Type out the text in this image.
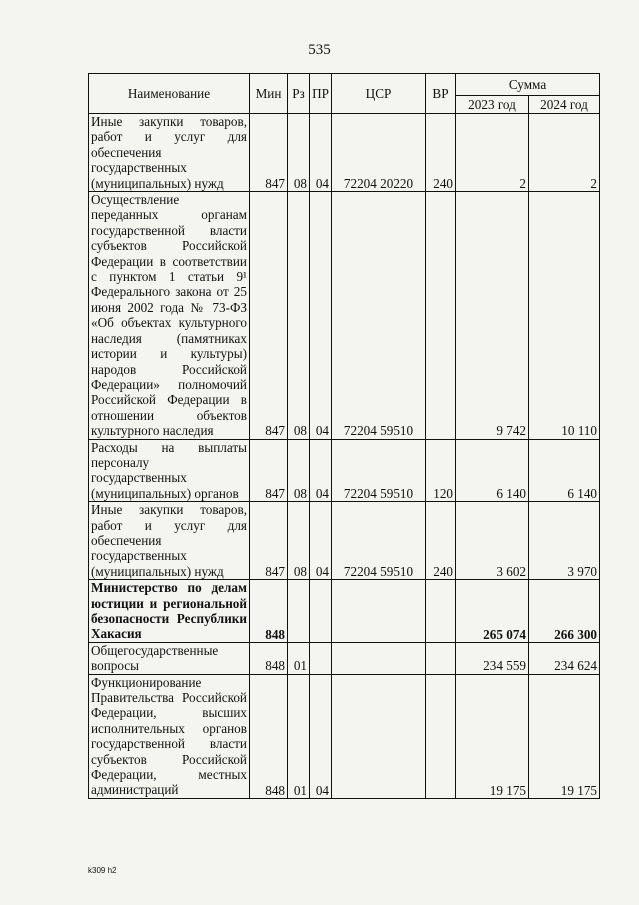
535
Наименование	Мин	Рз	ПР	ЦСР	ВР	Сумма	
						2023 год	2024 год
Иные закупки товаров, работ и услуг для обеспечения государственных (муниципальных) нужд	847	08	04	72204 20220	240	2	2
Осуществление переданных органам государственной власти субъектов Российской Федерации в соответствии с пунктом 1 статьи 9¹ Федерального закона от 25 июня 2002 года № 73-ФЗ «Об объектах культурного наследия (памятниках истории и культуры) народов Российской Федерации» полномочий Российской Федерации в отношении объектов культурного наследия	847	08	04	72204 59510		9 742	10 110
Расходы на выплаты персоналу государственных (муниципальных) органов	847	08	04	72204 59510	120	6 140	6 140
Иные закупки товаров, работ и услуг для обеспечения государственных (муниципальных) нужд	847	08	04	72204 59510	240	3 602	3 970
Министерство по делам юстиции и региональной безопасности Республики Хакасия	848					265 074	266 300
Общегосударственные вопросы	848	01				234 559	234 624
Функционирование Правительства Российской Федерации, высших исполнительных органов государственной власти субъектов Российской Федерации, местных администраций	848	01	04			19 175	19 175
k309 h2
